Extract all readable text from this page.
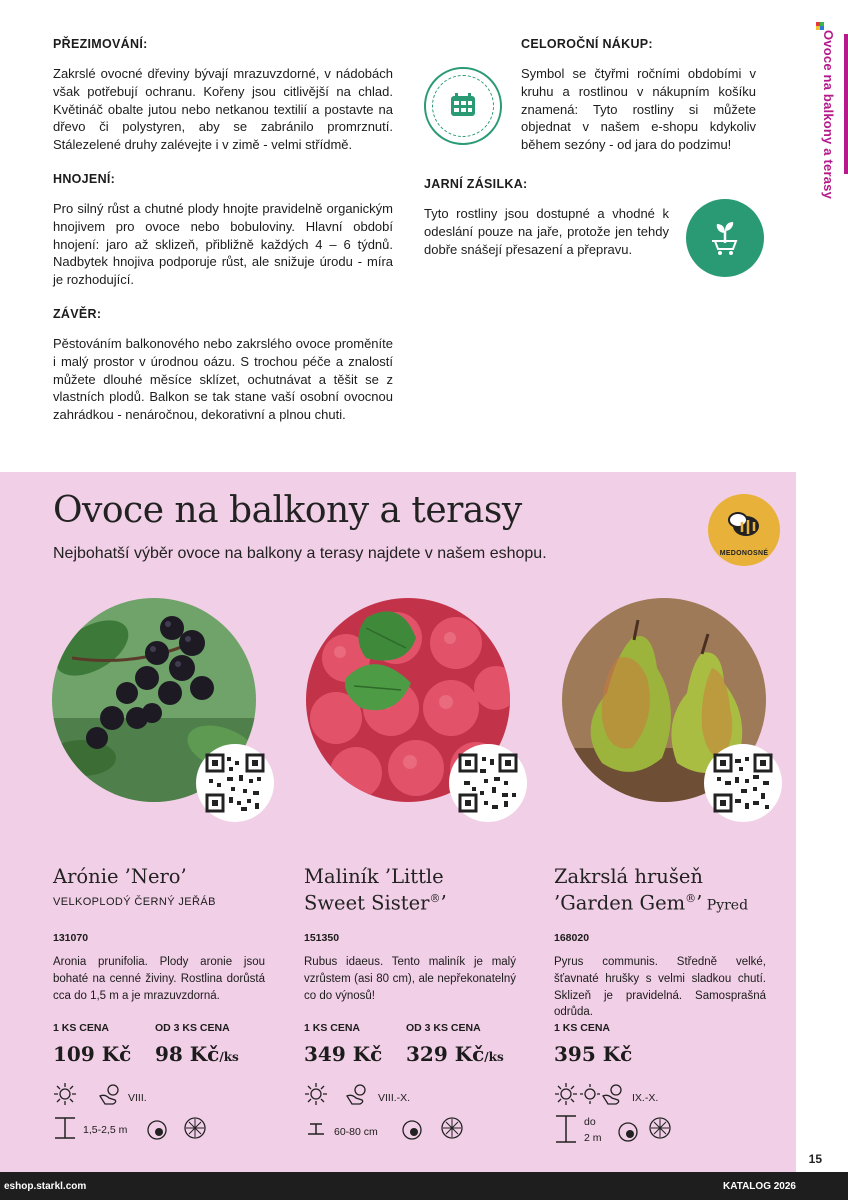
Ovoce na balkony a terasy
15
PŘEZIMOVÁNÍ:
Zakrslé ovocné dřeviny bývají mrazuvzdorné, v nádobách však potřebují ochranu. Kořeny jsou citlivější na chlad. Květináč obalte jutou nebo netkanou textilií a postavte na dřevo či polystyren, aby se zabránilo promrznutí. Stálezelené druhy zalévejte i v zimě - velmi střídmě.
HNOJENÍ:
Pro silný růst a chutné plody hnojte pravidelně organickým hnojivem pro ovoce nebo bobuloviny. Hlavní období hnojení: jaro až sklizeň, přibližně každých 4 – 6 týdnů. Nadbytek hnojiva podporuje růst, ale snižuje úrodu - míra je rozhodující.
ZÁVĚR:
Pěstováním balkonového nebo zakrslého ovoce proměníte i malý prostor v úrodnou oázu. S trochou péče a znalostí můžete dlouhé měsíce sklízet, ochutnávat a těšit se z vlastních plodů. Balkon se tak stane vaší osobní ovocnou zahrádkou - nenáročnou, dekorativní a plnou chuti.
CELOROČNÍ NÁKUP:
Symbol se čtyřmi ročními obdobími v kruhu a rostlinou v nákupním košíku znamená: Tyto rostliny si můžete objednat v našem e-shopu kdykoliv během sezóny - od jara do podzimu!
JARNÍ ZÁSILKA:
Tyto rostliny jsou dostupné a vhodné k odeslání pouze na jaře, protože jen tehdy dobře snášejí přesazení a přepravu.
Ovoce na balkony a terasy
Nejbohatší výběr ovoce na balkony a terasy najdete v našem eshopu.	MEDONOSNÉ
Arónie ’Nero’
VELKOPLODÝ ČERNÝ JEŘÁB
131070
Aronia prunifolia. Plody aronie jsou bohaté na cenné živiny. Rostlina dorůstá cca do 1,5 m a je mrazuvzdorná.
1 KS CENA	OD 3 KS CENA
109 Kč 98 Kč/ks
VIII.
1,5-2,5 m
Maliník ’Little
Sweet Sister®’
151350
Rubus idaeus. Tento maliník je malý vzrůstem (asi 80 cm), ale nepřekonatelný co do výnosů!
1 KS CENA	OD 3 KS CENA
349 Kč 329 Kč/ks
VIII.-X.
60-80 cm
Zakrslá hrušeň
’Garden Gem®’ Pyred
168020
Pyrus communis. Středně velké, šťavnaté hrušky s velmi sladkou chutí. Sklizeň je pravidelná. Samosprašná odrůda.
1 KS CENA
395 Kč
IX.-X.
do
2 m
eshop.starkl.com	KATALOG 2026
